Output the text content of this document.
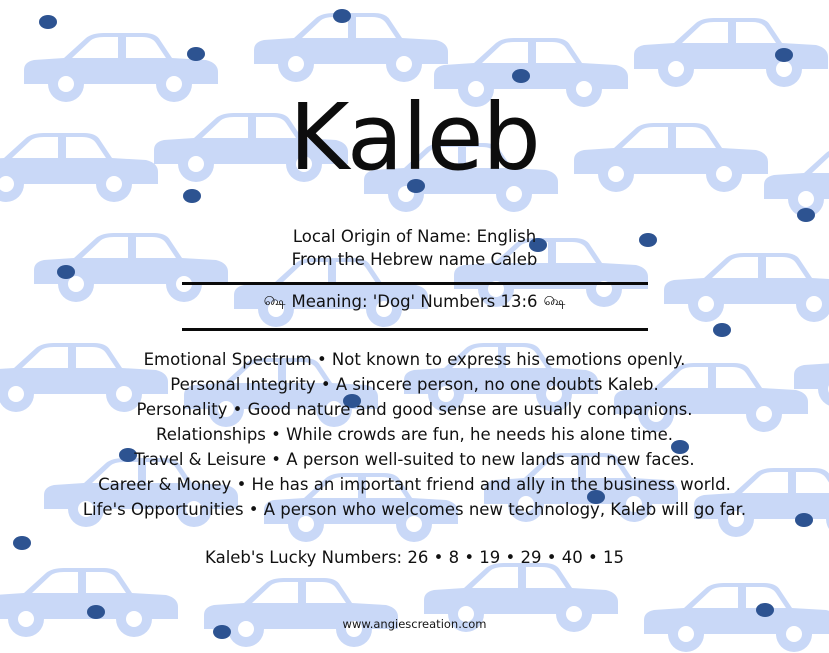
Kaleb
Local Origin of Name: English
From the Hebrew name Caleb
௸ Meaning: 'Dog' Numbers 13:6 ௸
Emotional Spectrum • Not known to express his emotions openly.
Personal Integrity • A sincere person, no one doubts Kaleb.
Personality • Good nature and good sense are usually companions.
Relationships • While crowds are fun, he needs his alone time.
Travel & Leisure • A person well-suited to new lands and new faces.
Career & Money • He has an important friend and ally in the business world.
Life's Opportunities • A person who welcomes new technology, Kaleb will go far.
Kaleb's Lucky Numbers: 26 • 8 • 19 • 29 • 40 • 15
www.angiescreation.com
